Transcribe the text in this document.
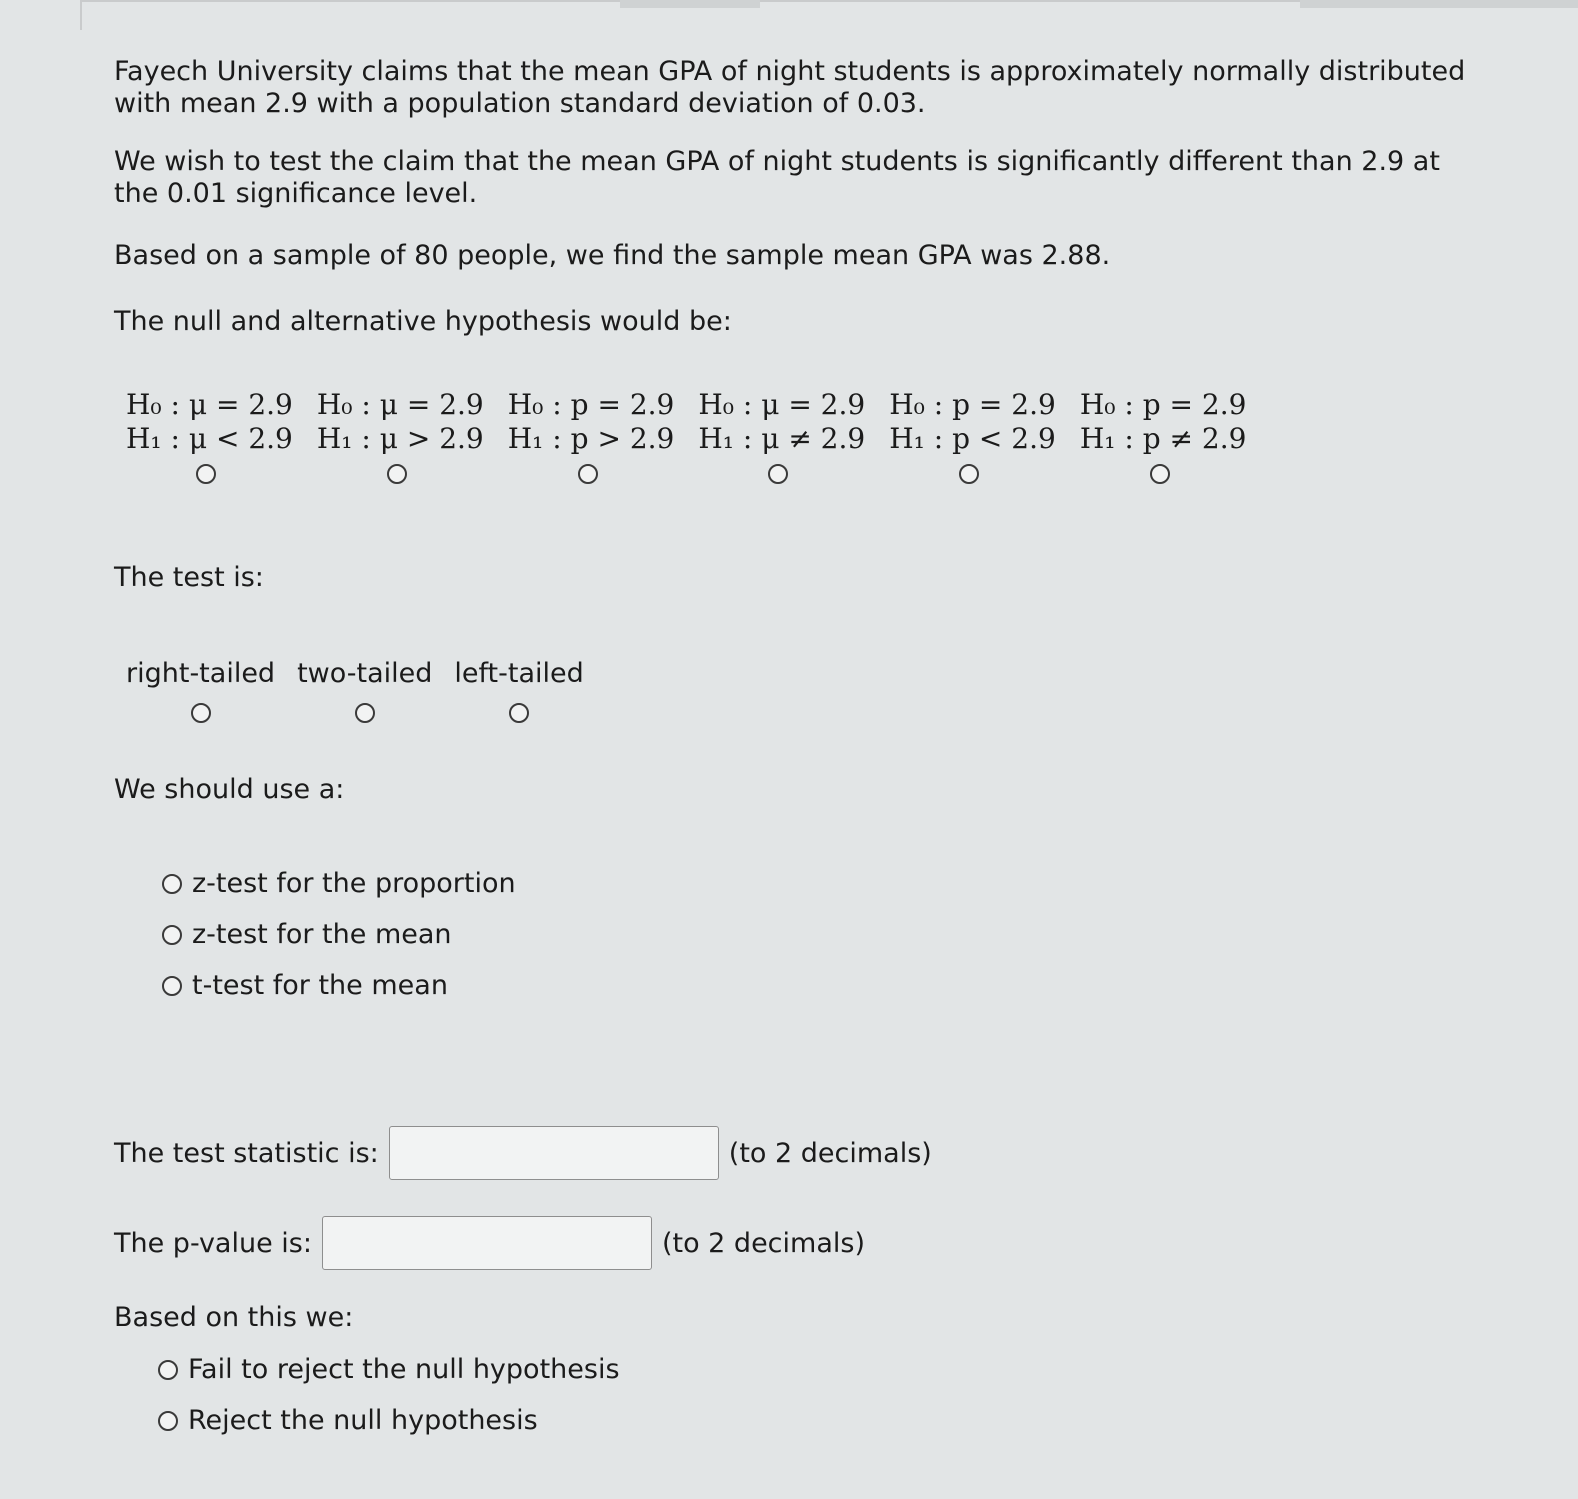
Fayech University claims that the mean GPA of night students is approximately normally distributed with mean 2.9 with a population standard deviation of 0.03.

We wish to test the claim that the mean GPA of night students is significantly different than 2.9 at the 0.01 significance level.

Based on a sample of 80 people, we find the sample mean GPA was 2.88.

The null and alternative hypothesis would be:

H₀ : μ = 2.9
H₁ : μ < 2.9
H₀ : μ = 2.9
H₁ : μ > 2.9
H₀ : p = 2.9
H₁ : p > 2.9
H₀ : μ = 2.9
H₁ : μ ≠ 2.9
H₀ : p = 2.9
H₁ : p < 2.9
H₀ : p = 2.9
H₁ : p ≠ 2.9

The test is:

right-tailed two-tailed left-tailed

We should use a:

z-test for the proportion
z-test for the mean
t-test for the mean
The test statistic is:	(to 2 decimals)
The p-value is:	(to 2 decimals)

Based on this we:

Fail to reject the null hypothesis
Reject the null hypothesis
